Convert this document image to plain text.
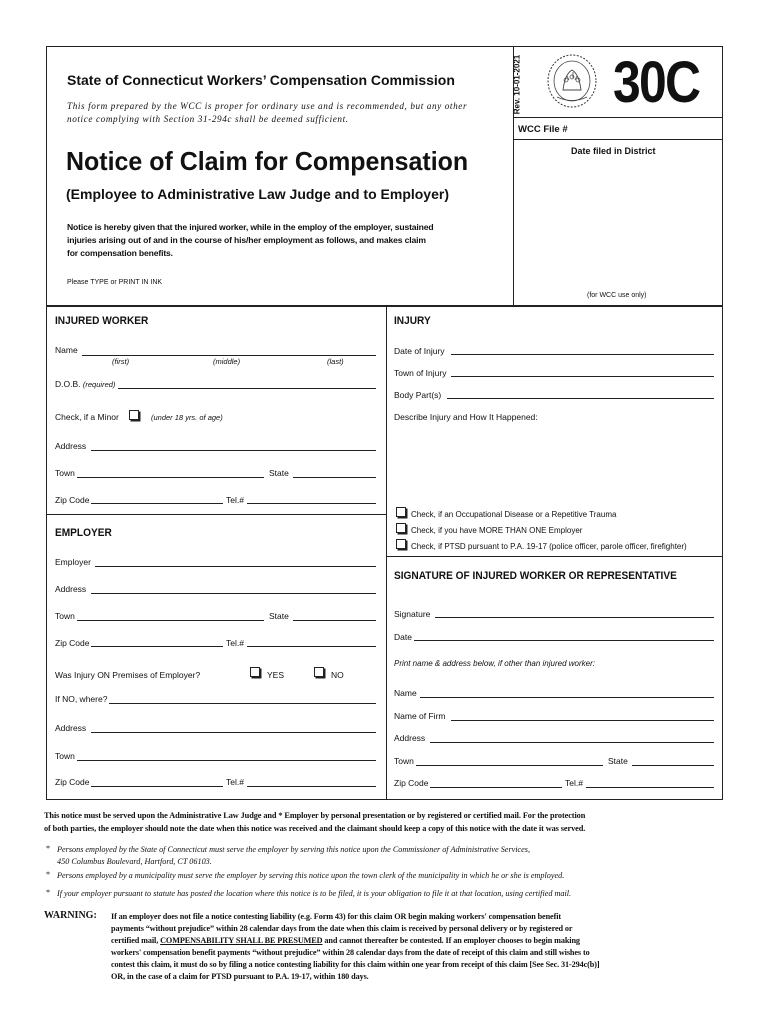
State of Connecticut Workers’ Compensation Commission
This form prepared by the WCC is proper for ordinary use and is recommended, but any other
notice complying with Section 31-294c shall be deemed sufficient.
Rev. 10-01-2021 30C
WCC File #
Date filed in District
(for WCC use only)
Notice of Claim for Compensation
(Employee to Administrative Law Judge and to Employer)
Notice is hereby given that the injured worker, while in the employ of the employer, sustained
injuries arising out of and in the course of his/her employment as follows, and makes claim
for compensation benefits.
Please TYPE or PRINT IN INK
INJURED WORKER
Name
(first)	(middle)	(last)
D.O.B. (required)
Check, if a Minor	(under 18 yrs. of age)
Address
Town	State
Zip Code	Tel.#
INJURY
Date of Injury
Town of Injury
Body Part(s)
Describe Injury and How It Happened:
Check, if an Occupational Disease or a Repetitive Trauma
Check, if you have MORE THAN ONE Employer
Check, if PTSD pursuant to P.A. 19-17 (police officer, parole officer, firefighter)
EMPLOYER
Employer
Address
Town	State
Zip Code	Tel.#
Was Injury ON Premises of Employer?	YES	NO
If NO, where?
Address
Town
Zip Code	Tel.#
SIGNATURE OF INJURED WORKER OR REPRESENTATIVE
Signature
Date
Print name & address below, if other than injured worker:
Name
Name of Firm
Address
Town	State
Zip Code	Tel.#
This notice must be served upon the Administrative Law Judge and * Employer by personal presentation or by registered or certified mail. For the protection
of both parties, the employer should note the date when this notice was received and the claimant should keep a copy of this notice with the date it was served.
* Persons employed by the State of Connecticut must serve the employer by serving this notice upon the Commissioner of Administrative Services,
450 Columbus Boulevard, Hartford, CT 06103.
* Persons employed by a municipality must serve the employer by serving this notice upon the town clerk of the municipality in which he or she is employed.
* If your employer pursuant to statute has posted the location where this notice is to be filed, it is your obligation to file it at that location, using certified mail.
WARNING: If an employer does not file a notice contesting liability (e.g. Form 43) for this claim OR begin making workers' compensation benefit
payments “without prejudice” within 28 calendar days from the date when this claim is received by personal delivery or by registered or
certified mail, COMPENSABILITY SHALL BE PRESUMED and cannot thereafter be contested. If an employer chooses to begin making
workers' compensation benefit payments “without prejudice” within 28 calendar days from the date of receipt of this claim and still wishes to
contest this claim, it must do so by filing a notice contesting liability for this claim within one year from receipt of this claim [See Sec. 31-294c(b)]
OR, in the case of a claim for PTSD pursuant to P.A. 19-17, within 180 days.
